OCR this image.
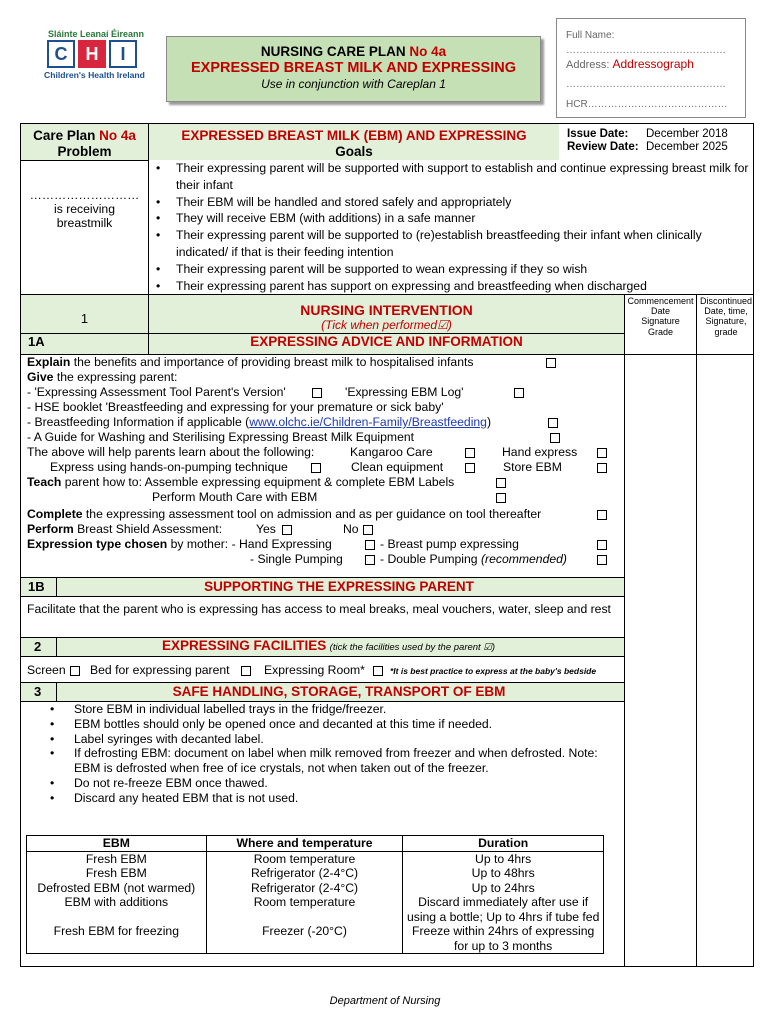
Sláinte Leanaí Éireann
C	H	I
Children's Health Ireland
NURSING CARE PLAN No 4a
EXPRESSED BREAST MILK AND EXPRESSING
Use in conjunction with Careplan 1
Full Name:
…………………………………………
Address: Addressograph
…………………………………………
HCR……………………………………
Care Plan No 4a
Problem
………………………
is receiving
breastmilk
EXPRESSED BREAST MILK (EBM) AND EXPRESSING
Goals
Issue Date: December 2018
Review Date: December 2025
• Their expressing parent will be supported with support to establish and continue expressing breast milk for their infant
• Their EBM will be handled and stored safely and appropriately
• They will receive EBM (with additions) in a safe manner
• Their expressing parent will be supported to (re)establish breastfeeding their infant when clinically indicated/ if that is their feeding intention
• Their expressing parent will be supported to wean expressing if they so wish
• Their expressing parent has support on expressing and breastfeeding when discharged
1
NURSING INTERVENTION
(Tick when performed☑)
Commencement
Date
Signature
Grade
Discontinued
Date, time,
Signature,
grade
1A	EXPRESSING ADVICE AND INFORMATION
Explain the benefits and importance of providing breast milk to hospitalised infants
Give the expressing parent:
- 'Expressing Assessment Tool Parent's Version'	'Expressing EBM Log'
- HSE booklet 'Breastfeeding and expressing for your premature or sick baby'
- Breastfeeding Information if applicable (www.olchc.ie/Children-Family/Breastfeeding)
- A Guide for Washing and Sterilising Expressing Breast Milk Equipment
The above will help parents learn about the following:	Kangaroo Care	Hand express
Express using hands-on-pumping technique	Clean equipment	Store EBM
Teach parent how to: Assemble expressing equipment & complete EBM Labels
Perform Mouth Care with EBM
Complete the expressing assessment tool on admission and as per guidance on tool thereafter
Perform Breast Shield Assessment:	Yes	No
Expression type chosen by mother: - Hand Expressing	- Breast pump expressing
- Single Pumping	- Double Pumping (recommended)
1B	SUPPORTING THE EXPRESSING PARENT
Facilitate that the parent who is expressing has access to meal breaks, meal vouchers, water, sleep and rest
2	EXPRESSING FACILITIES (tick the facilities used by the parent ☑)
Screen Bed for expressing parent	Expressing Room*	*It is best practice to express at the baby's bedside
3	SAFE HANDLING, STORAGE, TRANSPORT OF EBM
• Store EBM in individual labelled trays in the fridge/freezer.
• EBM bottles should only be opened once and decanted at this time if needed.
• Label syringes with decanted label.
• If defrosting EBM: document on label when milk removed from freezer and when defrosted. Note: EBM is defrosted when free of ice crystals, not when taken out of the freezer.
• Do not re-freeze EBM once thawed.
• Discard any heated EBM that is not used.
EBM	Where and temperature	Duration
Fresh EBM	Room temperature	Up to 4hrs
Fresh EBM	Refrigerator (2-4°C)	Up to 48hrs
Defrosted EBM (not warmed)	Refrigerator (2-4°C)	Up to 24hrs
EBM with additions	Room temperature	Discard immediately after use if using a bottle; Up to 4hrs if tube fed
Fresh EBM for freezing	Freezer (-20°C)	Freeze within 24hrs of expressing for up to 3 months
Department of Nursing
